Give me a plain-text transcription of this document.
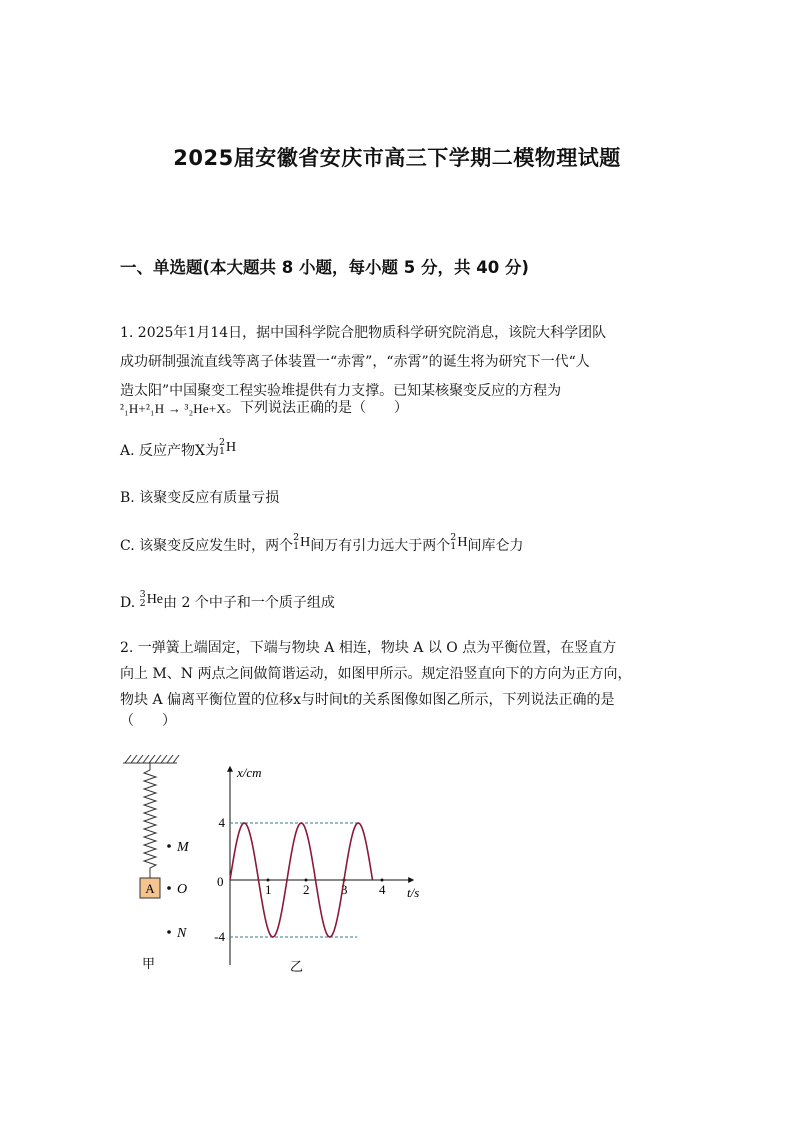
2025届安徽省安庆市高三下学期二模物理试题
一、单选题(本大题共 8 小题，每小题 5 分，共 40 分)
1. 2025年1月14日，据中国科学院合肥物质科学研究院消息，该院大科学团队
成功研制强流直线等离子体装置一“赤霄”，“赤霄”的诞生将为研究下一代“人
造太阳”中国聚变工程实验堆提供有力支撑。已知某核聚变反应的方程为
²₁H+²₁H → ³₂He+X 。下列说法正确的是（　　）
A. 反应产物X为
2
1 H
B. 该聚变反应有质量亏损
C. 该聚变反应发生时，两个
2
1 H间万有引力远大于两个
2
1 H间库仑力
D.
3
2 He由 2 个中子和一个质子组成
2. 一弹簧上端固定，下端与物块 A 相连，物块 A 以 O 点为平衡位置，在竖直方
向上 M、N 两点之间做简谐运动，如图甲所示。规定沿竖直向下的方向为正方向，
物块 A 偏离平衡位置的位移x与时间t的关系图像如图乙所示，下列说法正确的是
（　　）
A
M
O
N
甲
x/cm
t/s
0
4
-4
1 2 3 4
乙
